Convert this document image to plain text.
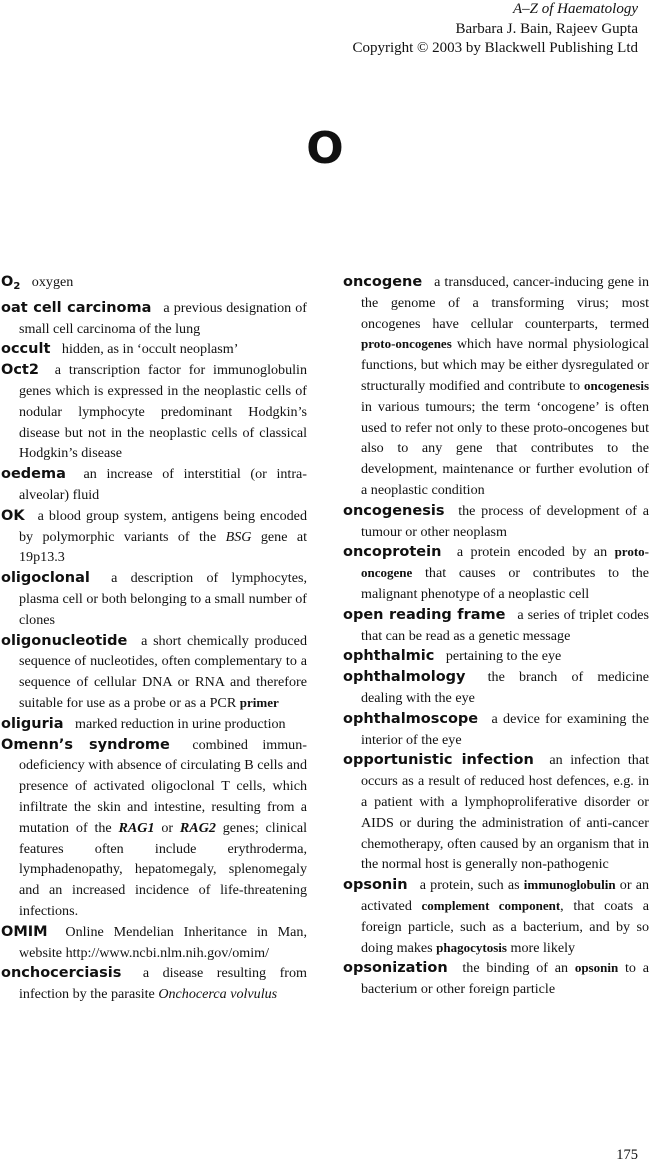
A–Z of Haematology
Barbara J. Bain, Rajeev Gupta
Copyright © 2003 by Blackwell Publishing Ltd
O
$O_2$ oxygen
oat cell carcinoma a previous designation of small cell carcinoma of the lung
occult hidden, as in ‘occult neoplasm’
Oct2 a transcription factor for immunoglobulin genes which is expressed in the neoplastic cells of nodular lymphocyte predominant Hodgkin’s disease but not in the neoplastic cells of classical Hodgkin’s disease
oedema an increase of interstitial (or intra-alveolar) fluid
OK a blood group system, antigens being encoded by polymorphic variants of the BSG gene at 19p13.3
oligoclonal a description of lymphocytes, plasma cell or both belonging to a small number of clones
oligonucleotide a short chemically produced sequence of nucleotides, often complementary to a sequence of cellular DNA or RNA and therefore suitable for use as a probe or as a PCR primer
oliguria marked reduction in urine production
Omenn’s syndrome combined immunodeficiency with absence of circulating B cells and presence of activated oligoclonal T cells, which infiltrate the skin and intestine, resulting from a mutation of the RAG1 or RAG2 genes; clinical features often include erythroderma, lymphadenopathy, hepatomegaly, splenomegaly and an increased incidence of life-threatening infections.
OMIM Online Mendelian Inheritance in Man, website http://www.ncbi.nlm.nih.gov/omim/
onchocerciasis a disease resulting from infection by the parasite Onchocerca volvulus
oncogene a transduced, cancer-inducing gene in the genome of a transforming virus; most oncogenes have cellular counterparts, termed proto-oncogenes which have normal physiological functions, but which may be either dysregulated or structurally modified and contribute to oncogenesis in various tumours; the term ‘oncogene’ is often used to refer not only to these proto-oncogenes but also to any gene that contributes to the development, maintenance or further evolution of a neoplastic condition
oncogenesis the process of development of a tumour or other neoplasm
oncoprotein a protein encoded by an proto-oncogene that causes or contributes to the malignant phenotype of a neoplastic cell
open reading frame a series of triplet codes that can be read as a genetic message
ophthalmic pertaining to the eye
ophthalmology the branch of medicine dealing with the eye
ophthalmoscope a device for examining the interior of the eye
opportunistic infection an infection that occurs as a result of reduced host defences, e.g. in a patient with a lymphoproliferative disorder or AIDS or during the administration of anti-cancer chemotherapy, often caused by an organism that in the normal host is generally non-pathogenic
opsonin a protein, such as immunoglobulin or an activated complement component, that coats a foreign particle, such as a bacterium, and by so doing makes phagocytosis more likely
opsonization the binding of an opsonin to a bacterium or other foreign particle
175
